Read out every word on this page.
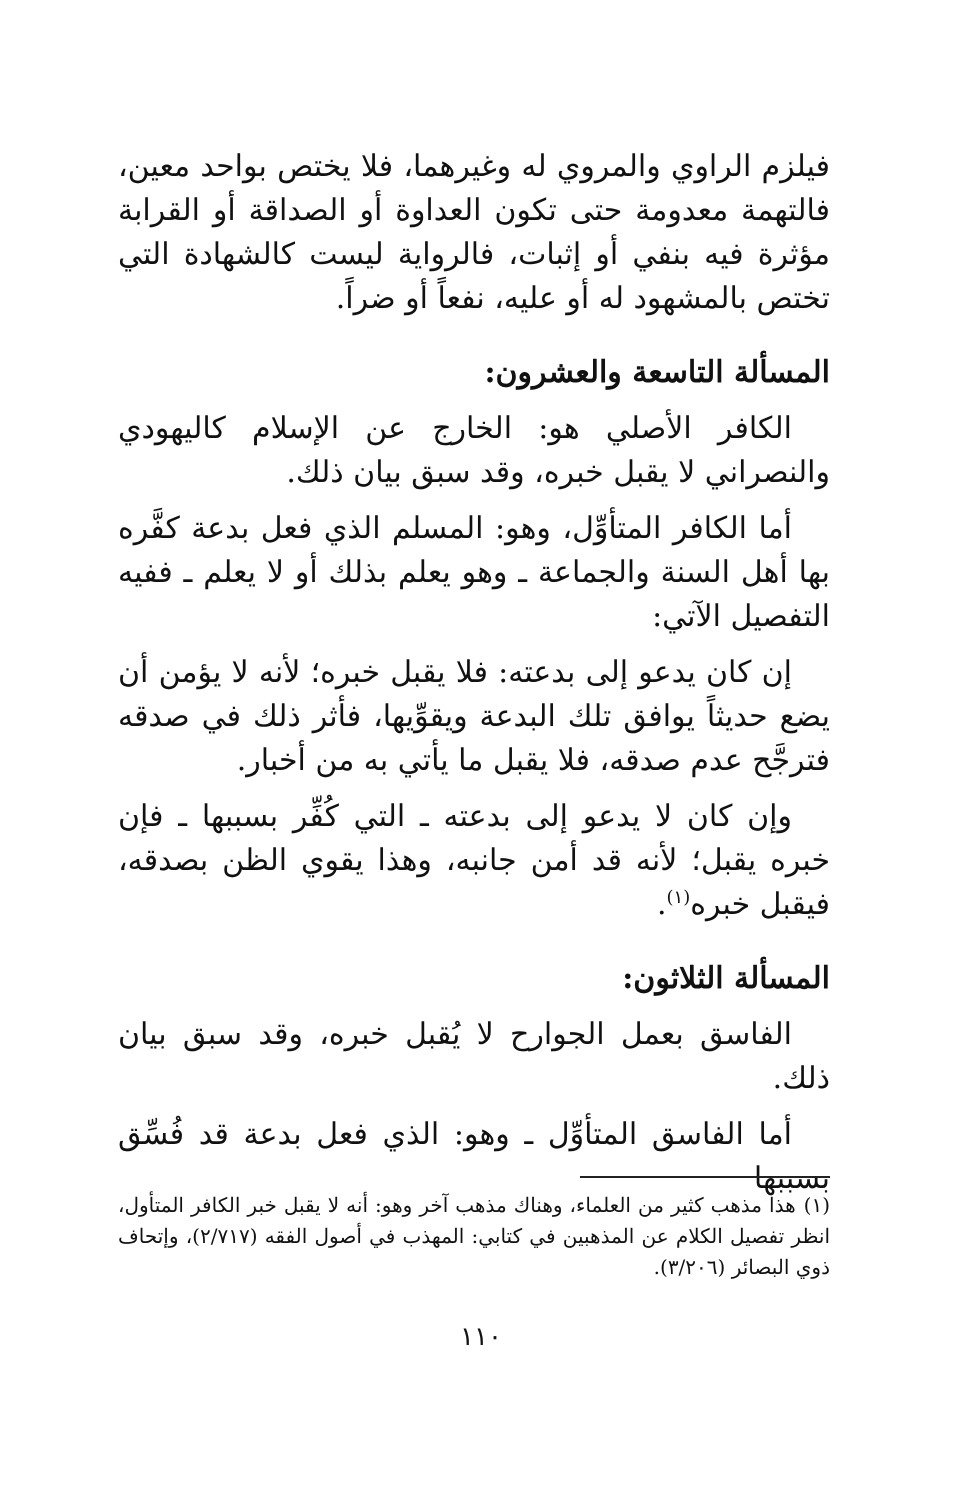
فيلزم الراوي والمروي له وغيرهما، فلا يختص بواحد معين، فالتهمة معدومة حتى تكون العداوة أو الصداقة أو القرابة مؤثرة فيه بنفي أو إثبات، فالرواية ليست كالشهادة التي تختص بالمشهود له أو عليه، نفعاً أو ضراً.

المسألة التاسعة والعشرون:

الكافر الأصلي هو: الخارج عن الإسلام كاليهودي والنصراني لا يقبل خبره، وقد سبق بيان ذلك.

أما الكافر المتأوِّل، وهو: المسلم الذي فعل بدعة كفَّره بها أهل السنة والجماعة ـ وهو يعلم بذلك أو لا يعلم ـ ففيه التفصيل الآتي:

إن كان يدعو إلى بدعته: فلا يقبل خبره؛ لأنه لا يؤمن أن يضع حديثاً يوافق تلك البدعة ويقوِّيها، فأثر ذلك في صدقه فترجَّح عدم صدقه، فلا يقبل ما يأتي به من أخبار.

وإن كان لا يدعو إلى بدعته ـ التي كُفِّر بسببها ـ فإن خبره يقبل؛ لأنه قد أمن جانبه، وهذا يقوي الظن بصدقه، فيقبل خبره$^{(١)}$.

المسألة الثلاثون:

الفاسق بعمل الجوارح لا يُقبل خبره، وقد سبق بيان ذلك.

أما الفاسق المتأوِّل ـ وهو: الذي فعل بدعة قد فُسِّق بسببها

(١)هذا مذهب كثير من العلماء، وهناك مذهب آخر وهو: أنه لا يقبل خبر الكافر المتأول، انظر تفصيل الكلام عن المذهبين في كتابي: المهذب في أصول الفقه (٢/٧١٧)، وإتحاف ذوي البصائر (٣/٢٠٦).
١١٠
